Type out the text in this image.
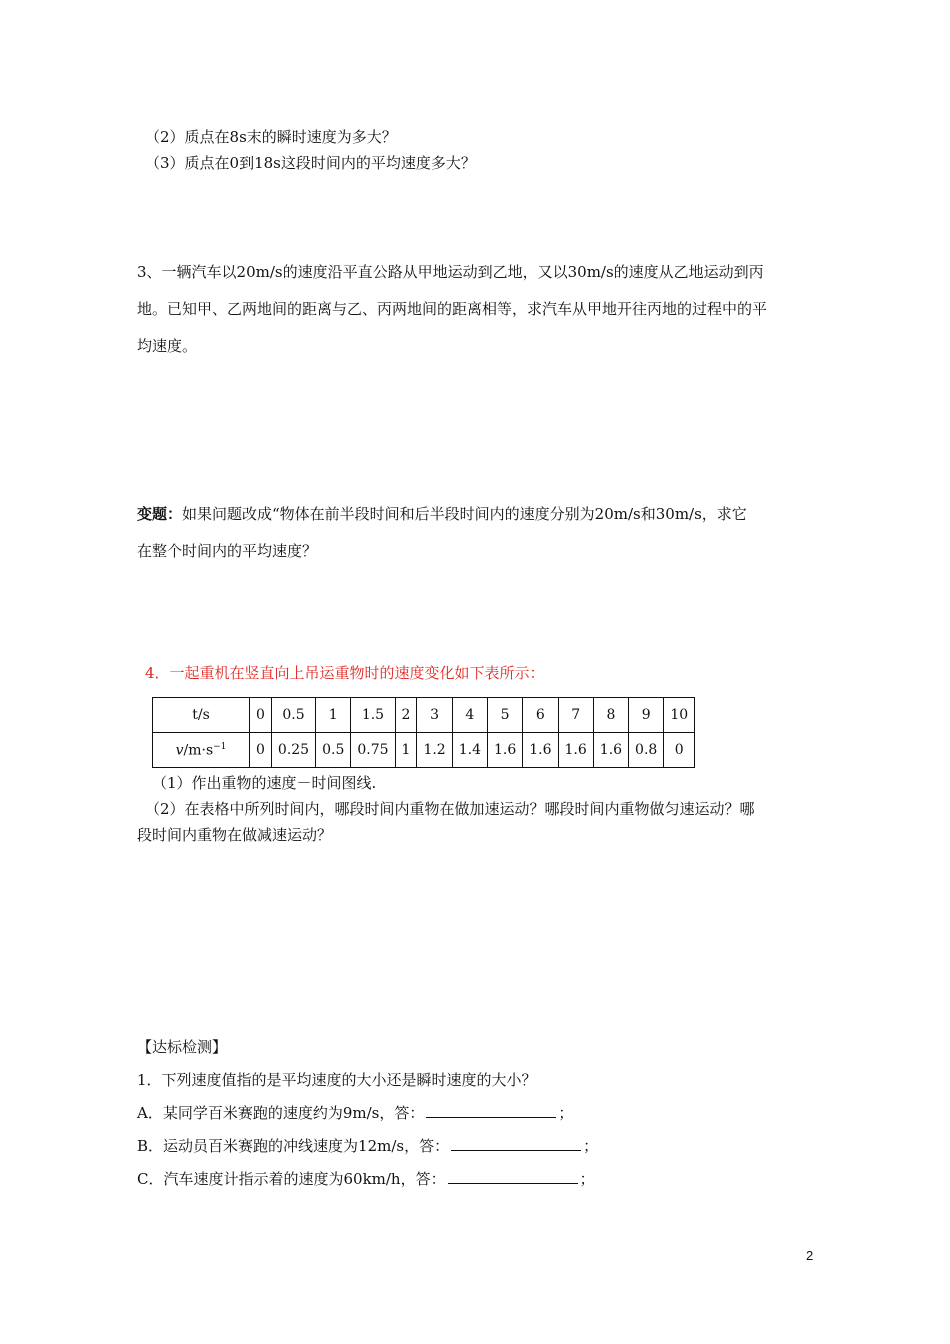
（2）质点在8s末的瞬时速度为多大？
（3）质点在0到18s这段时间内的平均速度多大？
3、一辆汽车以20m/s的速度沿平直公路从甲地运动到乙地，又以30m/s的速度从乙地运动到丙
地。已知甲、乙两地间的距离与乙、丙两地间的距离相等，求汽车从甲地开往丙地的过程中的平
均速度。
变题：如果问题改成“物体在前半段时间和后半段时间内的速度分别为20m/s和30m/s，求它
在整个时间内的平均速度？
4．一起重机在竖直向上吊运重物时的速度变化如下表所示：
t/s	0	0.5	1	1.5	2	3	4	5	6	7	8	9	10
$v/m\cdot s^{-1}$	0	0.25	0.5	0.75	1	1.2	1.4	1.6	1.6	1.6	1.6	0.8	0
（1）作出重物的速度－时间图线.
（2）在表格中所列时间内，哪段时间内重物在做加速运动？哪段时间内重物做匀速运动？哪
段时间内重物在做减速运动？
【达标检测】
1．下列速度值指的是平均速度的大小还是瞬时速度的大小？
A．某同学百米赛跑的速度约为9m/s，答：	；
B．运动员百米赛跑的冲线速度为12m/s，答：	；
C．汽车速度计指示着的速度为60km/h，答：	；
2
